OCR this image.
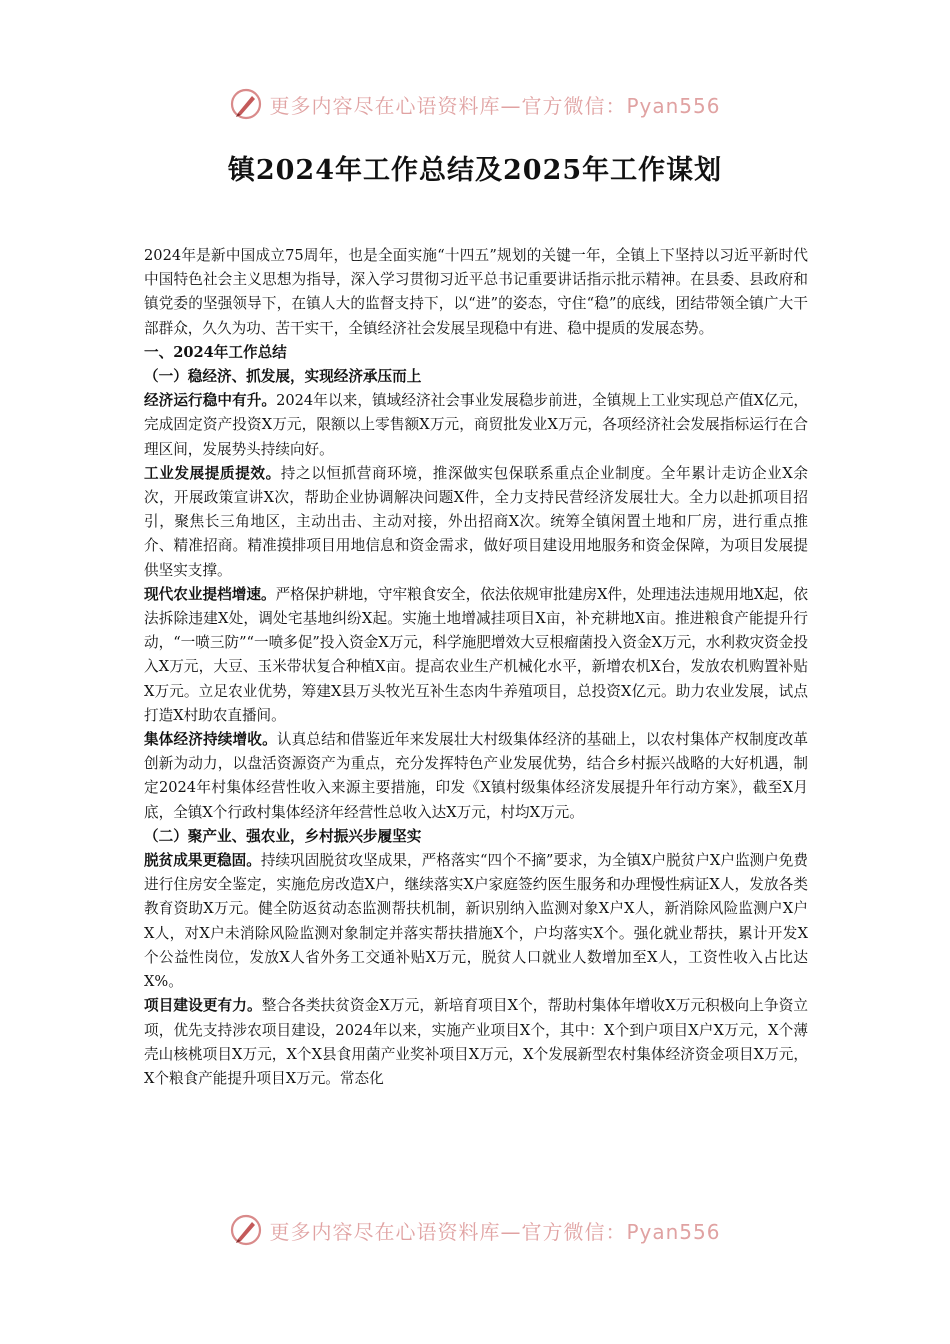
更多内容尽在心语资料库—官方微信：Pyan556
镇2024年工作总结及2025年工作谋划

2024年是新中国成立75周年，也是全面实施“十四五”规划的关键一年，全镇上下坚持以习近平新时代中国特色社会主义思想为指导，深入学习贯彻习近平总书记重要讲话指示批示精神。在县委、县政府和镇党委的坚强领导下，在镇人大的监督支持下，以“进”的姿态，守住“稳”的底线，团结带领全镇广大干部群众，久久为功、苦干实干，全镇经济社会发展呈现稳中有进、稳中提质的发展态势。

一、2024年工作总结

（一）稳经济、抓发展，实现经济承压而上

经济运行稳中有升。2024年以来，镇域经济社会事业发展稳步前进，全镇规上工业实现总产值X亿元，完成固定资产投资X万元，限额以上零售额X万元，商贸批发业X万元，各项经济社会发展指标运行在合理区间，发展势头持续向好。

工业发展提质提效。持之以恒抓营商环境，推深做实包保联系重点企业制度。全年累计走访企业X余次，开展政策宣讲X次，帮助企业协调解决问题X件，全力支持民营经济发展壮大。全力以赴抓项目招引，聚焦长三角地区，主动出击、主动对接，外出招商X次。统筹全镇闲置土地和厂房，进行重点推介、精准招商。精准摸排项目用地信息和资金需求，做好项目建设用地服务和资金保障，为项目发展提供坚实支撑。

现代农业提档增速。严格保护耕地，守牢粮食安全，依法依规审批建房X件，处理违法违规用地X起，依法拆除违建X处，调处宅基地纠纷X起。实施土地增减挂项目X亩，补充耕地X亩。推进粮食产能提升行动，“一喷三防”“一喷多促”投入资金X万元，科学施肥增效大豆根瘤菌投入资金X万元，水利救灾资金投入X万元，大豆、玉米带状复合种植X亩。提高农业生产机械化水平，新增农机X台，发放农机购置补贴X万元。立足农业优势，筹建X县万头牧光互补生态肉牛养殖项目，总投资X亿元。助力农业发展，试点打造X村助农直播间。

集体经济持续增收。认真总结和借鉴近年来发展壮大村级集体经济的基础上，以农村集体产权制度改革创新为动力，以盘活资源资产为重点，充分发挥特色产业发展优势，结合乡村振兴战略的大好机遇，制定2024年村集体经营性收入来源主要措施，印发《X镇村级集体经济发展提升年行动方案》，截至X月底，全镇X个行政村集体经济年经营性总收入达X万元，村均X万元。

（二）聚产业、强农业，乡村振兴步履坚实

脱贫成果更稳固。持续巩固脱贫攻坚成果，严格落实“四个不摘”要求，为全镇X户脱贫户X户监测户免费进行住房安全鉴定，实施危房改造X户，继续落实X户家庭签约医生服务和办理慢性病证X人，发放各类教育资助X万元。健全防返贫动态监测帮扶机制，新识别纳入监测对象X户X人，新消除风险监测户X户X人，对X户未消除风险监测对象制定并落实帮扶措施X个，户均落实X个。强化就业帮扶，累计开发X个公益性岗位，发放X人省外务工交通补贴X万元，脱贫人口就业人数增加至X人，工资性收入占比达X%。

项目建设更有力。整合各类扶贫资金X万元，新培育项目X个，帮助村集体年增收X万元积极向上争资立项，优先支持涉农项目建设，2024年以来，实施产业项目X个，其中：X个到户项目X户X万元，X个薄壳山核桃项目X万元，X个X县食用菌产业奖补项目X万元，X个发展新型农村集体经济资金项目X万元，X个粮食产能提升项目X万元。常态化

更多内容尽在心语资料库—官方微信：Pyan556
